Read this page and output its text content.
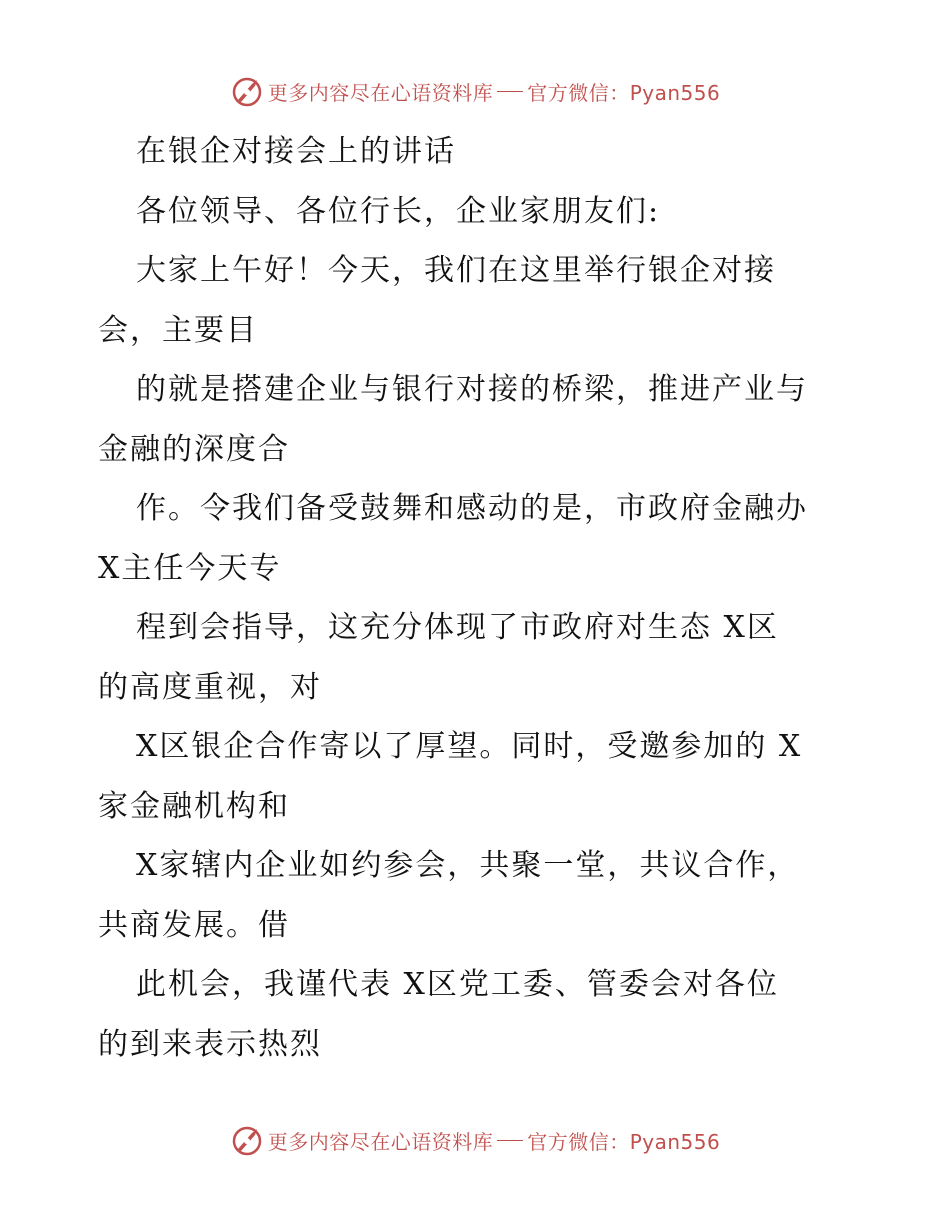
更多内容尽在心语资料库 官方微信：Pyan556
在银企对接会上的讲话
各位领导、各位行长，企业家朋友们:
大家上午好！今天，我们在这里举行银企对接
会，主要目
的就是搭建企业与银行对接的桥梁，推进产业与
金融的深度合
作。令我们备受鼓舞和感动的是，市政府金融办
X主任今天专
程到会指导，这充分体现了市政府对生态 X区
的高度重视，对
X区银企合作寄以了厚望。同时，受邀参加的 X
家金融机构和
X家辖内企业如约参会，共聚一堂，共议合作，
共商发展。借
此机会，我谨代表 X区党工委、管委会对各位
的到来表示热烈
更多内容尽在心语资料库 官方微信：Pyan556
